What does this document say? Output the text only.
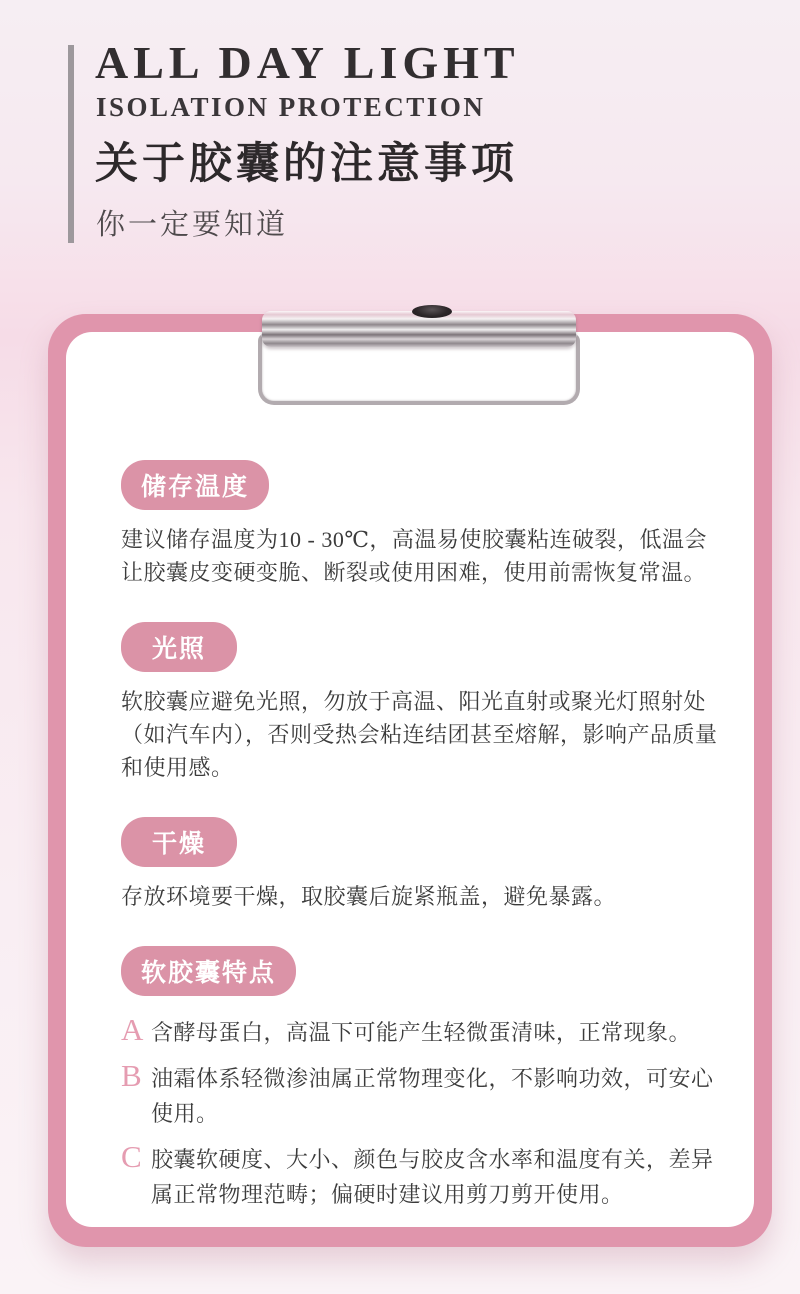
ALL DAY LIGHT
ISOLATION PROTECTION
关于胶囊的注意事项
你一定要知道
储存温度

建议储存温度为10 - 30℃，高温易使胶囊粘连破裂，低温会让胶囊皮变硬变脆、断裂或使用困难，使用前需恢复常温。

光照

软胶囊应避免光照，勿放于高温、阳光直射或聚光灯照射处（如汽车内），否则受热会粘连结团甚至熔解，影响产品质量和使用感。

干燥

存放环境要干燥，取胶囊后旋紧瓶盖，避免暴露。

软胶囊特点
A 含酵母蛋白，高温下可能产生轻微蛋清味，正常现象。

B 油霜体系轻微渗油属正常物理变化，不影响功效，可安心使用。

C 胶囊软硬度、大小、颜色与胶皮含水率和温度有关，差异属正常物理范畴；偏硬时建议用剪刀剪开使用。
